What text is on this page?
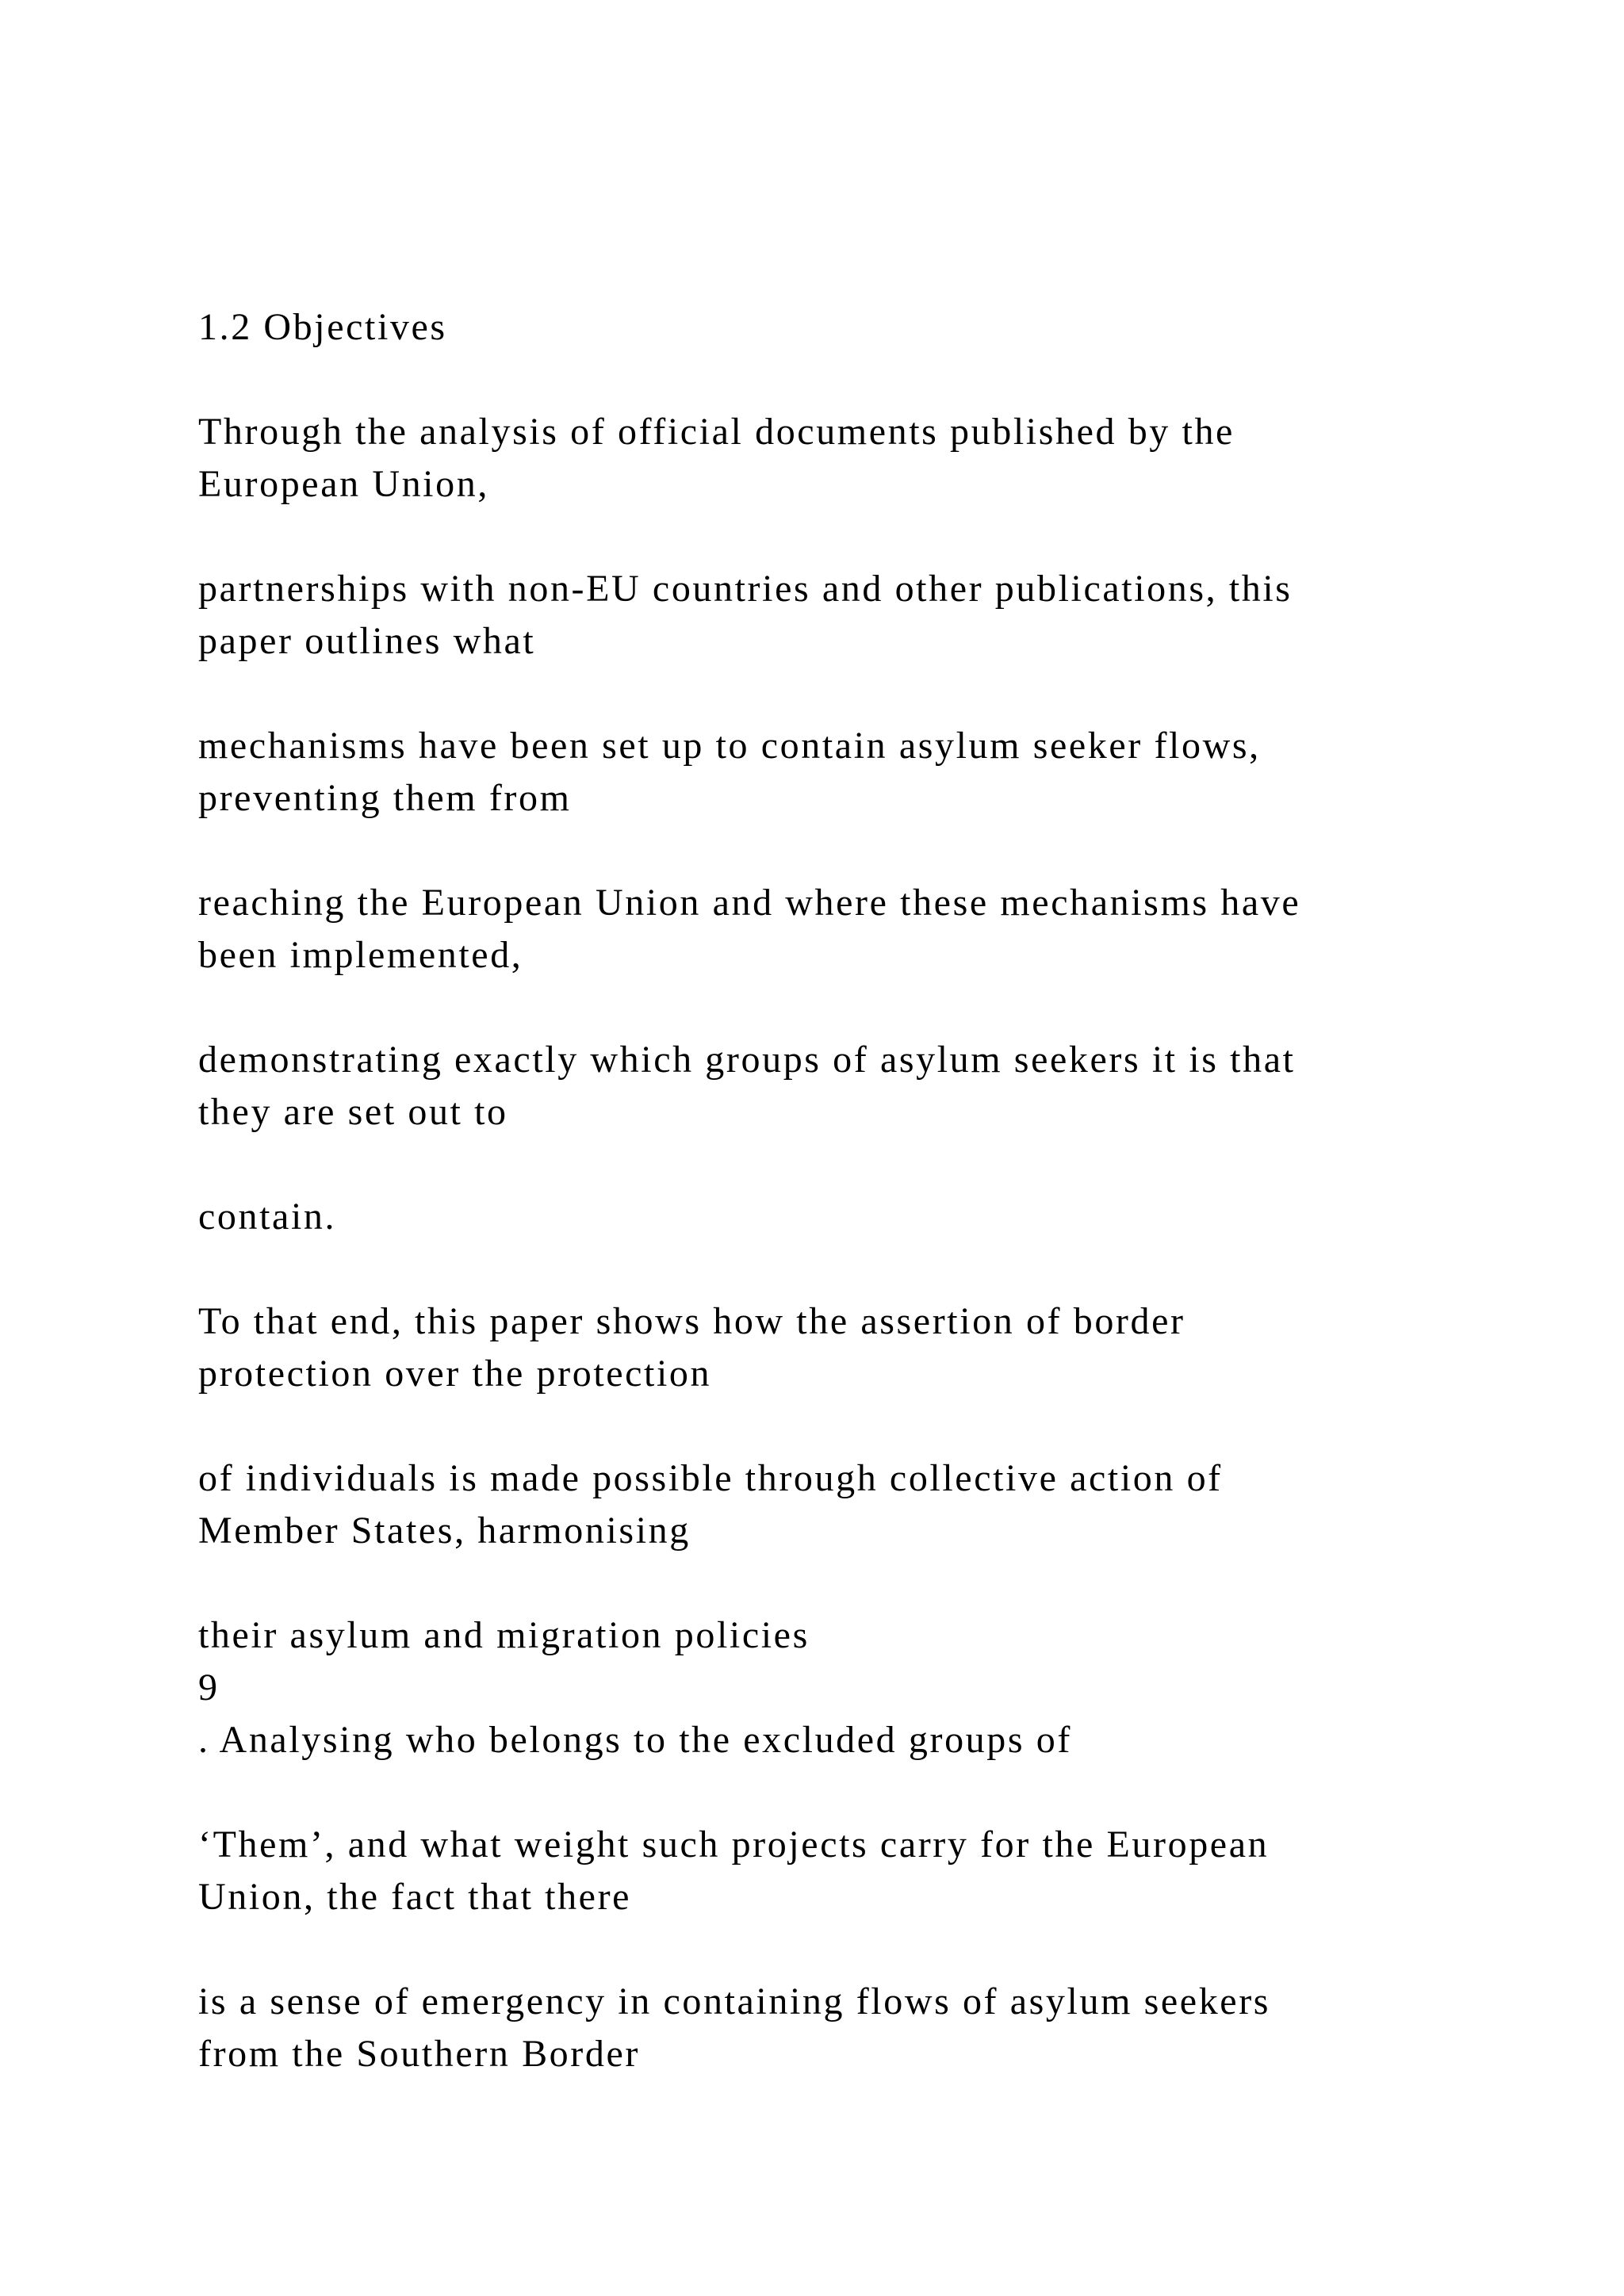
1.2 Objectives
Through the analysis of official documents published by the
European Union,
partnerships with non-EU countries and other publications, this
paper outlines what
mechanisms have been set up to contain asylum seeker flows,
preventing them from
reaching the European Union and where these mechanisms have
been implemented,
demonstrating exactly which groups of asylum seekers it is that
they are set out to
contain.
To that end, this paper shows how the assertion of border
protection over the protection
of individuals is made possible through collective action of
Member States, harmonising
their asylum and migration policies
9
. Analysing who belongs to the excluded groups of
‘Them’, and what weight such projects carry for the European
Union, the fact that there
is a sense of emergency in containing flows of asylum seekers
from the Southern Border
